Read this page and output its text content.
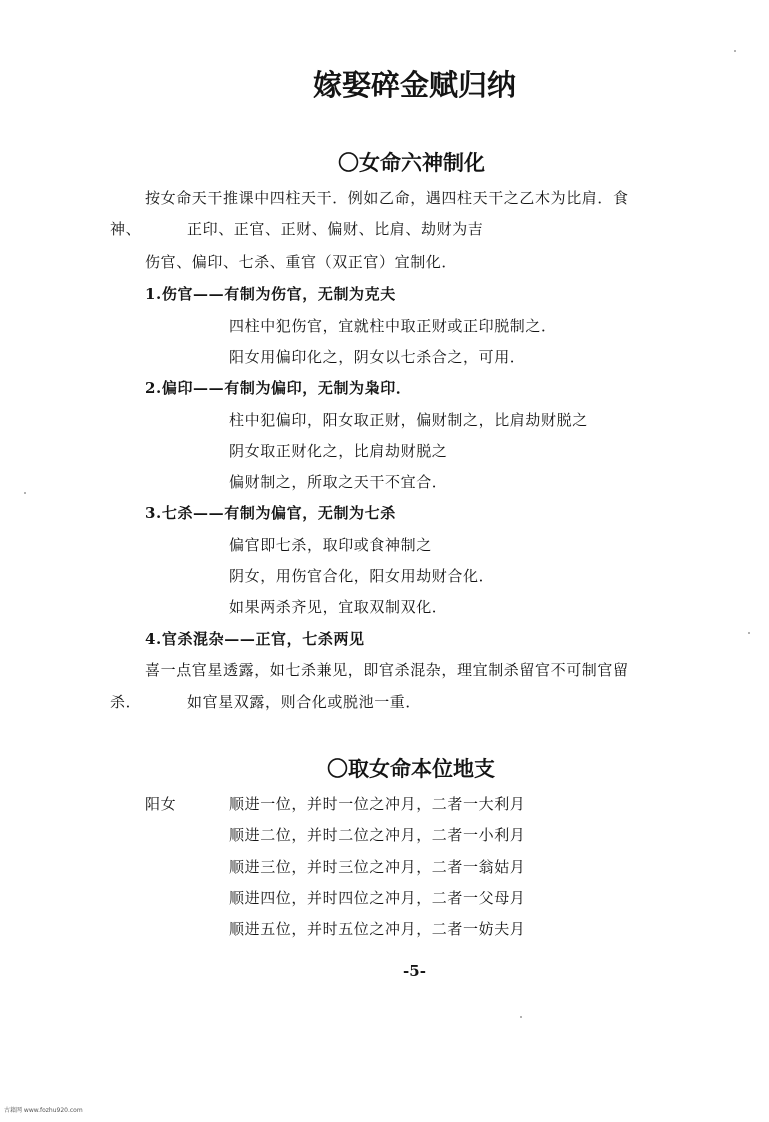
嫁娶碎金赋归纳
〇女命六神制化
按女命天干推课中四柱天干．例如乙命，遇四柱天干之乙木为比肩．食
神、	正印、正官、正财、偏财、比肩、劫财为吉
伤官、偏印、七杀、重官（双正官）宜制化．
1.伤官——有制为伤官，无制为克夫
四柱中犯伤官，宜就柱中取正财或正印脱制之．
阳女用偏印化之，阴女以七杀合之，可用．
2.偏印——有制为偏印，无制为枭印．
柱中犯偏印，阳女取正财，偏财制之，比肩劫财脱之
阴女取正财化之，比肩劫财脱之
偏财制之，所取之天干不宜合．
3.七杀——有制为偏官，无制为七杀
偏官即七杀，取印或食神制之
阴女，用伤官合化，阳女用劫财合化．
如果两杀齐见，宜取双制双化．
4.官杀混杂——正官，七杀两见
喜一点官星透露，如七杀兼见，即官杀混杂，理宜制杀留官不可制官留
杀．	如官星双露，则合化或脱池一重．
〇取女命本位地支
阳女	顺进一位，并时一位之冲月，二者一大利月
顺进二位，并时二位之冲月，二者一小利月
顺进三位，并时三位之冲月，二者一翁姑月
顺进四位，并时四位之冲月，二者一父母月
顺进五位，并时五位之冲月，二者一妨夫月
-5-
古籍网 www.fozhu920.com
